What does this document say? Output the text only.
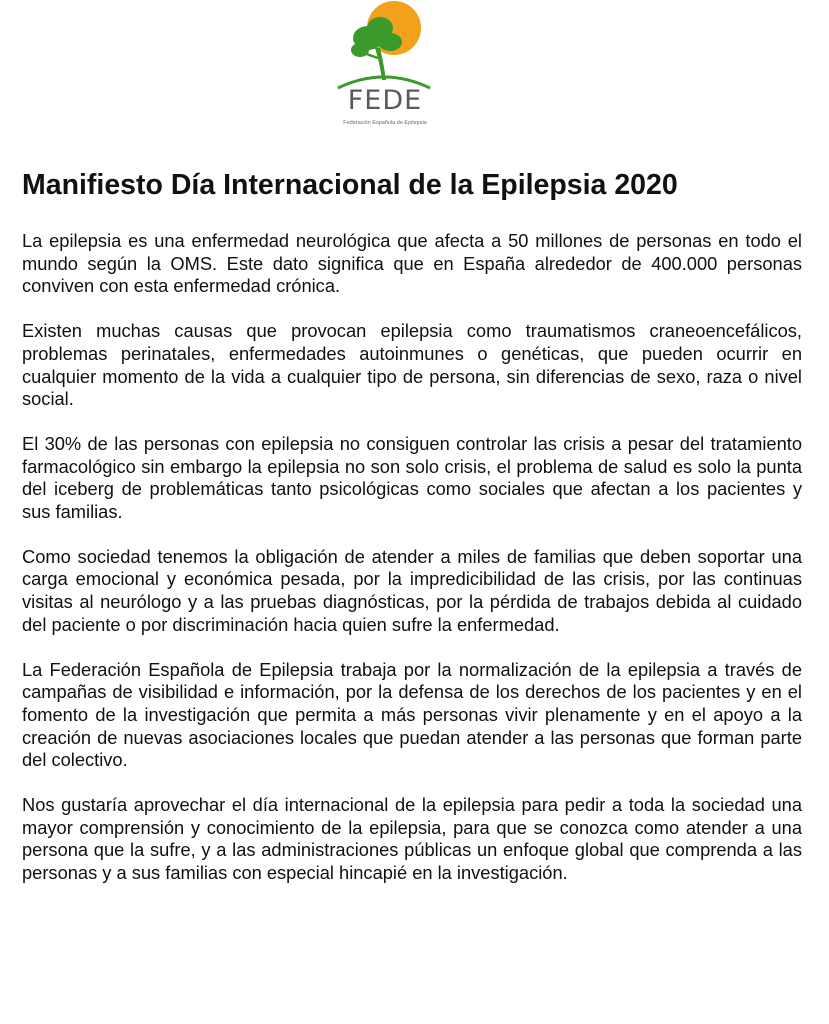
FEDE
Federación Española de Epilepsia
Manifiesto Día Internacional de la Epilepsia 2020

La epilepsia es una enfermedad neurológica que afecta a 50 millones de personas en todo el mundo según la OMS. Este dato significa que en España alrededor de 400.000 personas conviven con esta enfermedad crónica.

Existen muchas causas que provocan epilepsia como traumatismos craneoencefálicos, problemas perinatales, enfermedades autoinmunes o genéticas, que pueden ocurrir en cualquier momento de la vida a cualquier tipo de persona, sin diferencias de sexo, raza o nivel social.

El 30% de las personas con epilepsia no consiguen controlar las crisis a pesar del tratamiento farmacológico sin embargo la epilepsia no son solo crisis, el problema de salud es solo la punta del iceberg de problemáticas tanto psicológicas como sociales que afectan a los pacientes y sus familias.

Como sociedad tenemos la obligación de atender a miles de familias que deben soportar una carga emocional y económica pesada, por la impredicibilidad de las crisis, por las continuas visitas al neurólogo y a las pruebas diagnósticas, por la pérdida de trabajos debida al cuidado del paciente o por discriminación hacia quien sufre la enfermedad.

La Federación Española de Epilepsia trabaja por la normalización de la epilepsia a través de campañas de visibilidad e información, por la defensa de los derechos de los pacientes y en el fomento de la investigación que permita a más personas vivir plenamente y en el apoyo a la creación de nuevas asociaciones locales que puedan atender a las personas que forman parte del colectivo.

Nos gustaría aprovechar el día internacional de la epilepsia para pedir a toda la sociedad una mayor comprensión y conocimiento de la epilepsia, para que se conozca como atender a una persona que la sufre, y a las administraciones públicas un enfoque global que comprenda a las personas y a sus familias con especial hincapié en la investigación.
